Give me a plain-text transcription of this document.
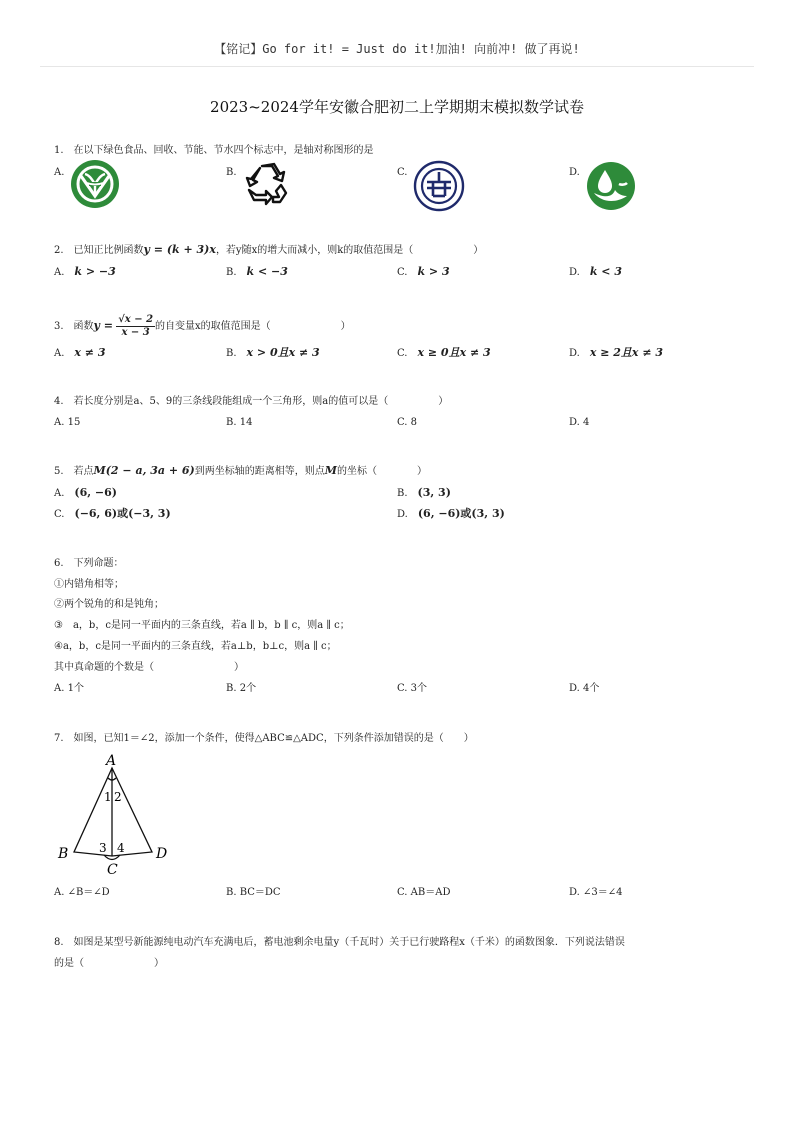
【铭记】Go for it! = Just do it!加油! 向前冲! 做了再说!
2023~2024学年安徽合肥初二上学期期末模拟数学试卷
1.　在以下绿色食品、回收、节能、节水四个标志中，是轴对称图形的是
A.	B.	C.	D.
2.　已知正比例函数y = (k + 3)x，若y随x的增大而减小，则k的取值范围是（　　　　　　）
A.　k > −3	B.　k < −3	C.　k > 3	D.　k < 3
3.　函数$y = \frac{√x - 2}{x - 3}$ 的自变量x的取值范围是（　　　　　　　）
A.　x ≠ 3	B.　x > 0且x ≠ 3	C.　x ≥ 0且x ≠ 3	D.　x ≥ 2且x ≠ 3
4.　若长度分别是a、5、9的三条线段能组成一个三角形，则a的值可以是（　　　　　）
A. 15	B. 14	C. 8	D. 4
5.　若点M(2 − a, 3a + 6)到两坐标轴的距离相等，则点M的坐标（　　　　）
A.　(6, −6)	B.　(3, 3)
C.　(−6, 6)或(−3, 3)	D.　(6, −6)或(3, 3)
6.　下列命题：
①内错角相等；
②两个锐角的和是钝角；
③　a，b，c是同一平面内的三条直线，若a ∥ b，b ∥ c，则a ∥ c；
④a，b，c是同一平面内的三条直线，若a⊥b，b⊥c，则a ∥ c；
其中真命题的个数是（　　　　　　　　）
A. 1个	B. 2个	C. 3个	D. 4个
7.　如图，已知1＝∠2，添加一个条件，使得△ABC≌△ADC，下列条件添加错误的是（　　）
A
B
C
D
1 2
3 4
A. ∠B＝∠D	B. BC＝DC	C. AB＝AD	D. ∠3＝∠4
8.　如图是某型号新能源纯电动汽车充满电后，蓄电池剩余电量y（千瓦时）关于已行驶路程x（千米）的函数图象．下列说法错误
的是（　　　　　　　）
